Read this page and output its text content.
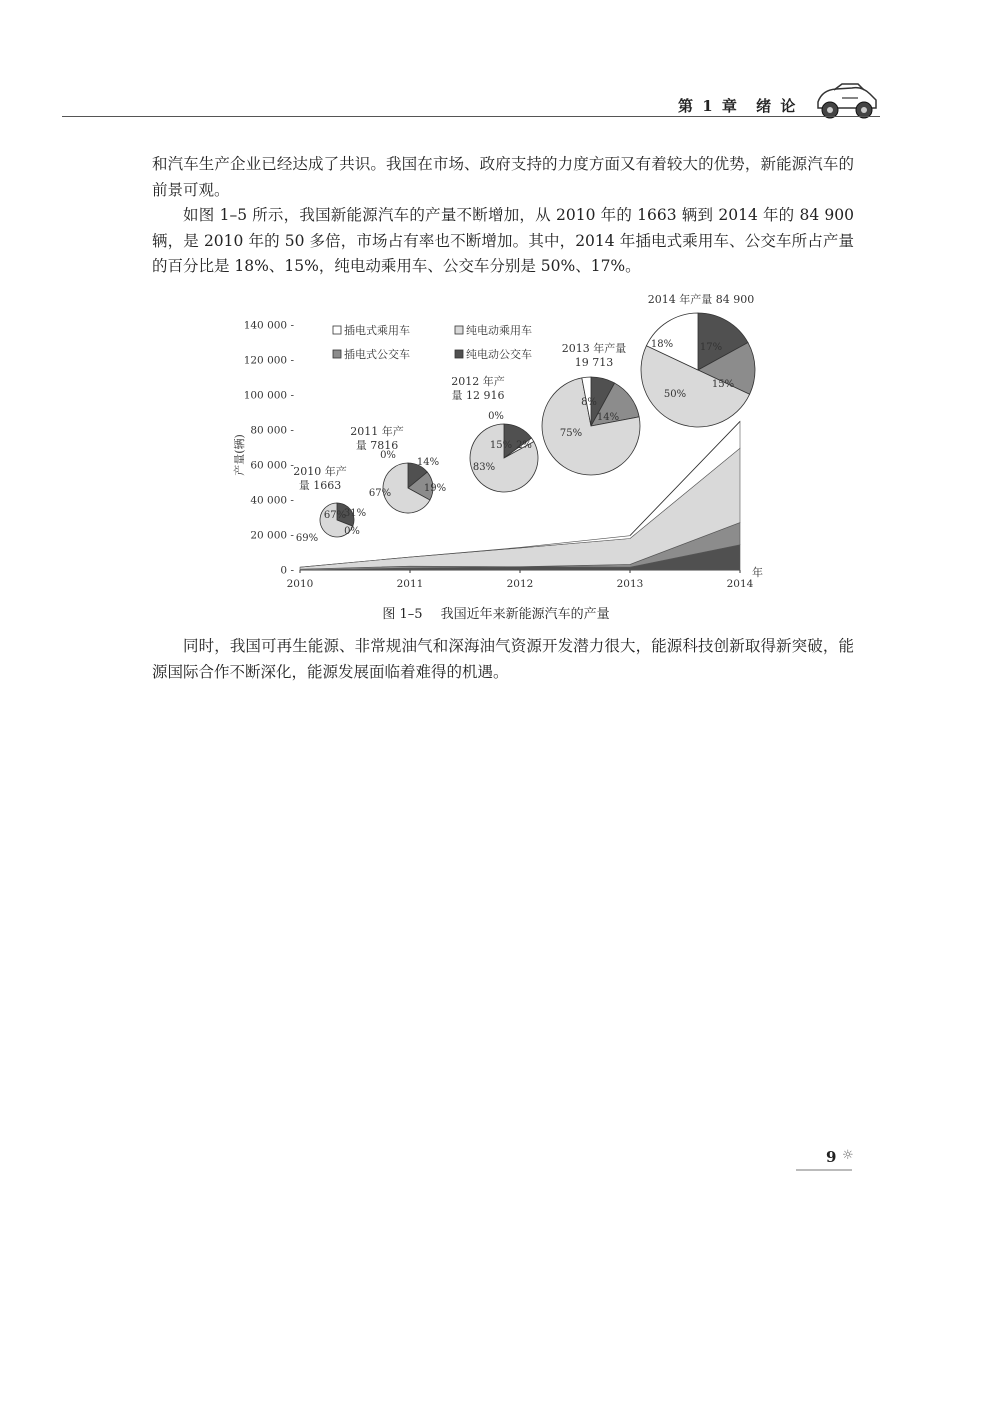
第 1 章 绪 论

和汽车生产企业已经达成了共识。我国在市场、政府支持的力度方面又有着较大的优势，新能源汽车的前景可观。

如图 1–5 所示，我国新能源汽车的产量不断增加，从 2010 年的 1663 辆到 2014 年的 84 900 辆，是 2010 年的 50 多倍，市场占有率也不断增加。其中，2014 年插电式乘用车、公交车所占产量的百分比是 18%、15%，纯电动乘用车、公交车分别是 50%、17%。

0 -
20 000 -
40 000 -
60 000 -
80 000 -
100 000 -
120 000 -
140 000 -
2010	2011	2012	2013	2014
年
产量(辆)
插电式乘用车	纯电动乘用车
插电式公交车	纯电动公交车
2010 年产
量 1663
67%
0%
31%
69%
2011 年产
量 7816
0%
14%
19%
67%
2012 年产
量 12 916
0%
15% 2%
83%
2013 年产量
19 713
8%
14%
75%
2014 年产量 84 900
18%	17%
15%
50%
图 1–5 我国近年来新能源汽车的产量

同时，我国可再生能源、非常规油气和深海油气资源开发潜力很大，能源科技创新取得新突破，能源国际合作不断深化，能源发展面临着难得的机遇。

9 ☼
